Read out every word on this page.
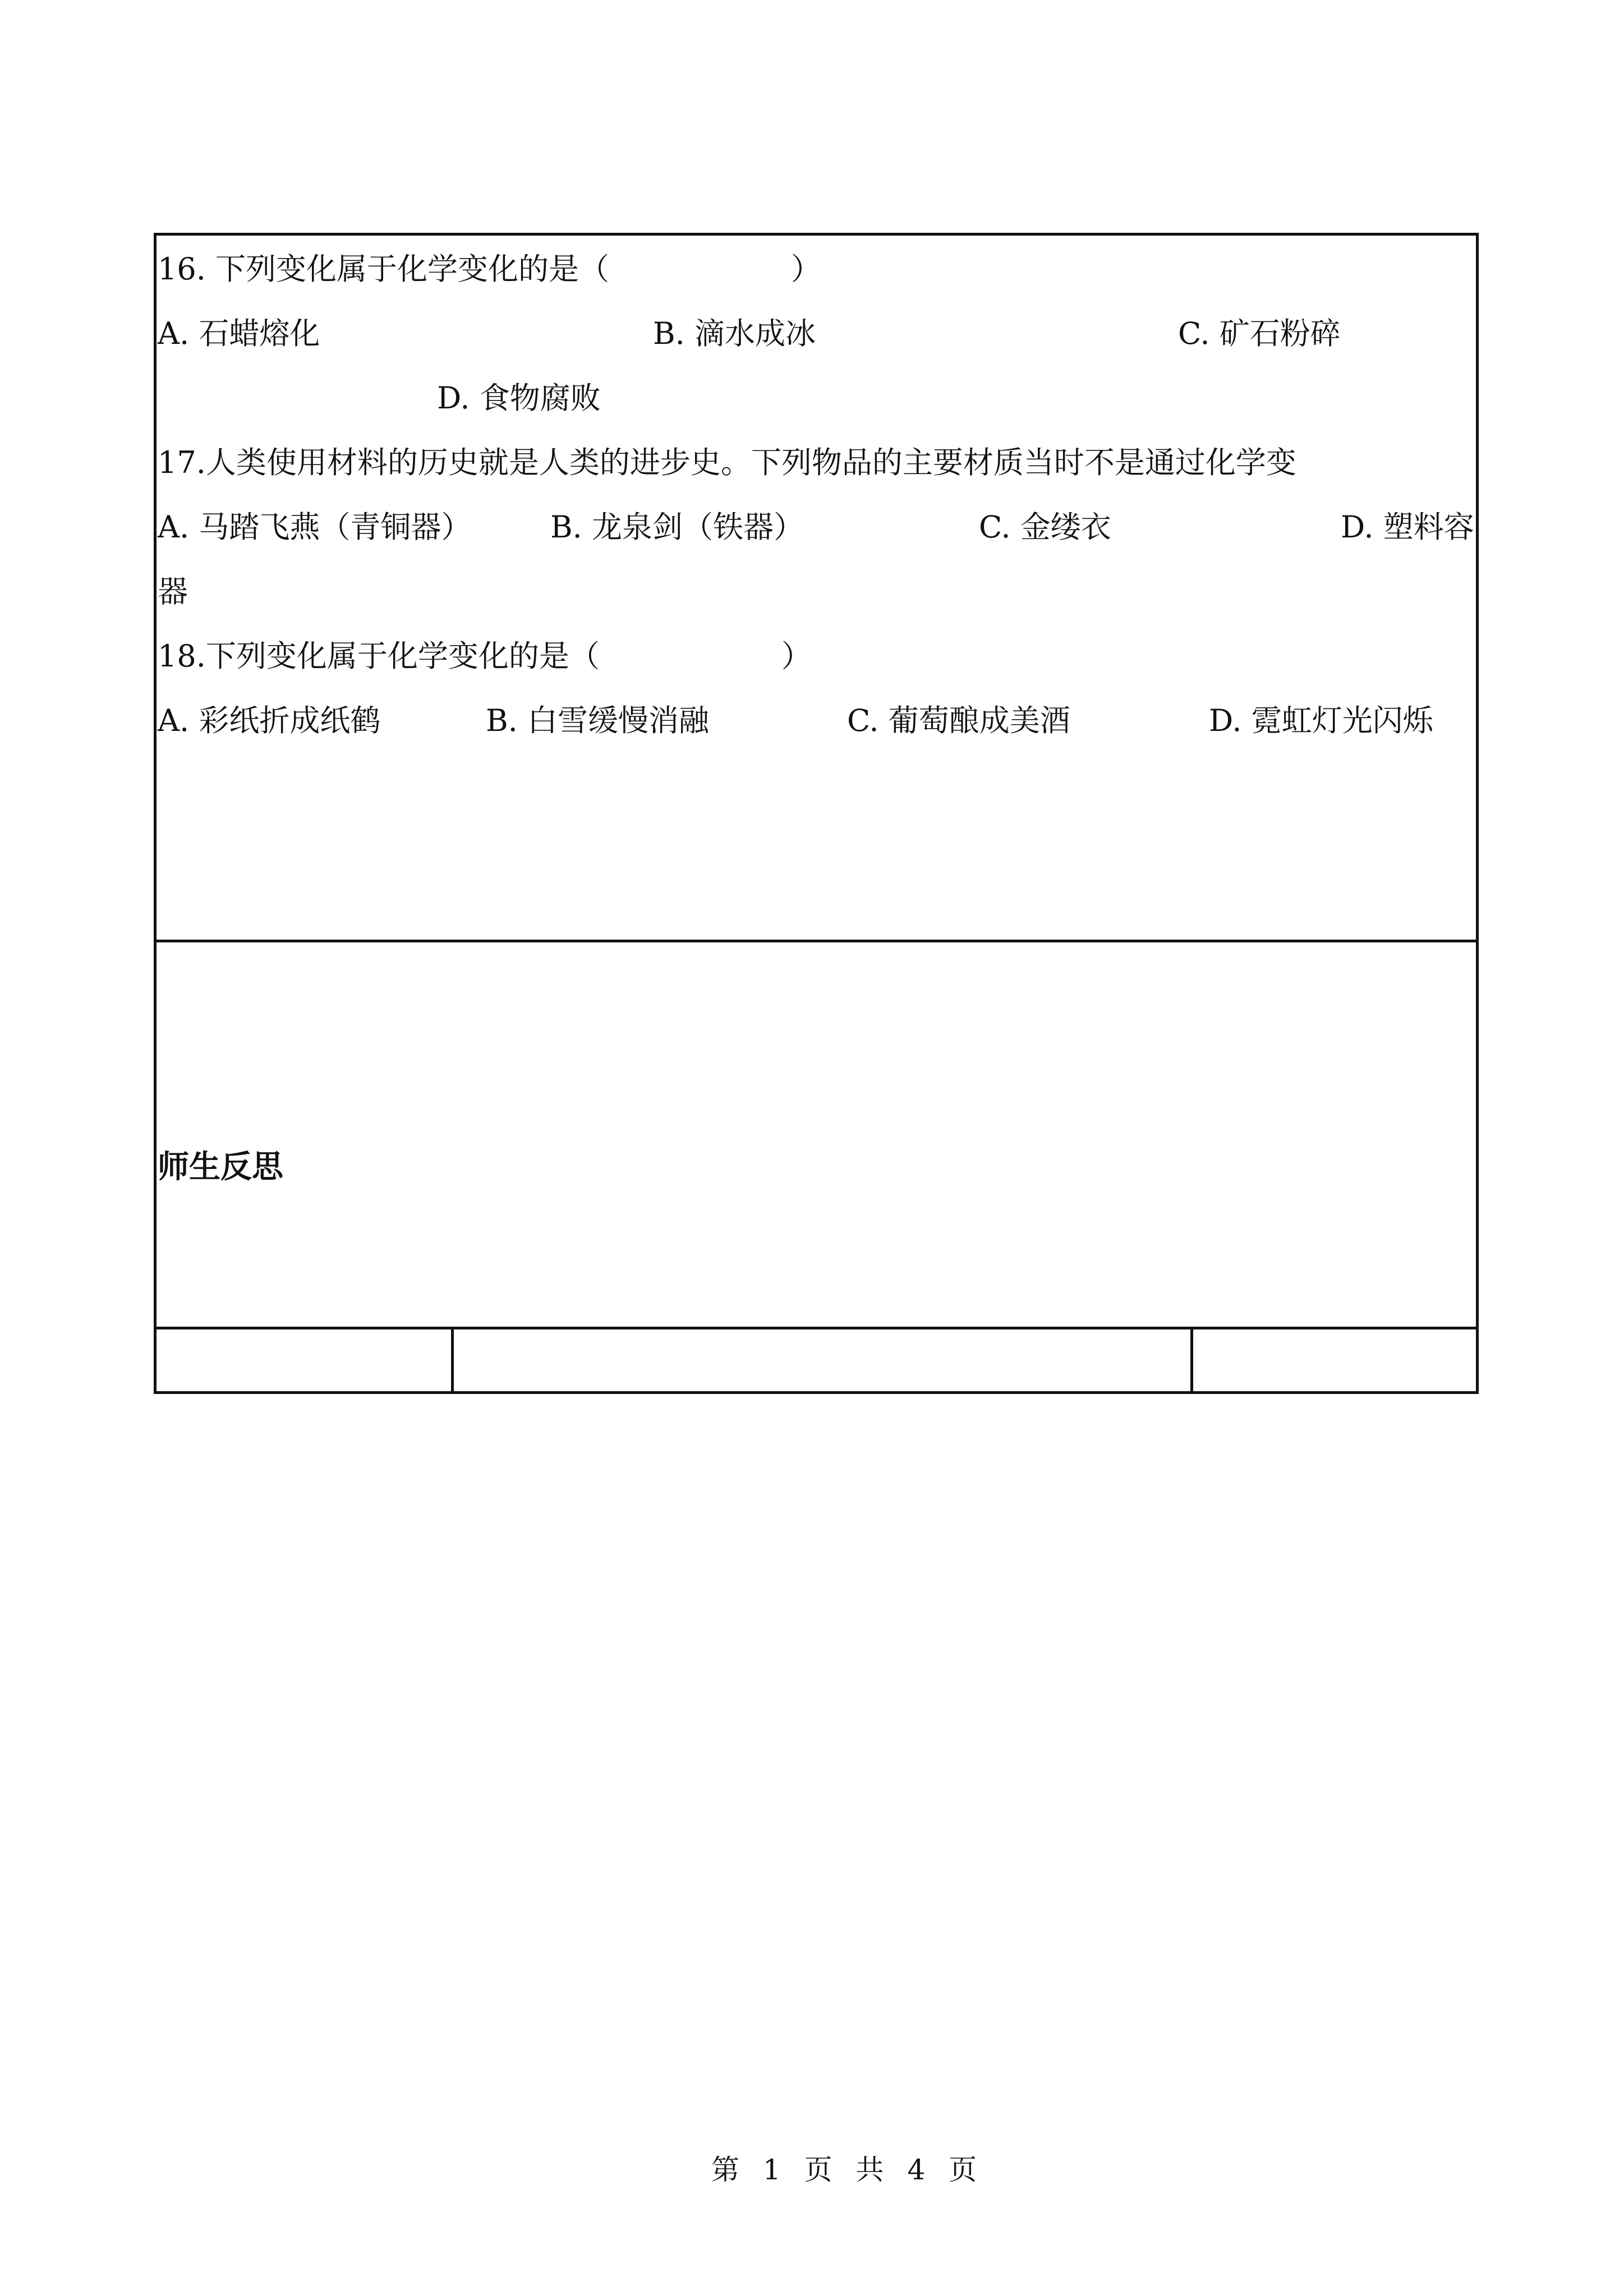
16. 下列变化属于化学变化的是（　　　　　　）
A. 石蜡熔化	B. 滴水成冰	C. 矿石粉碎
D. 食物腐败
17.人类使用材料的历史就是人类的进步史。下列物品的主要材质当时不是通过化学变
A. 马踏飞燕（青铜器）	B. 龙泉剑（铁器）	C. 金缕衣	D. 塑料容
器
18.下列变化属于化学变化的是（　　　　　　）
A. 彩纸折成纸鹤	B. 白雪缓慢消融	C. 葡萄酿成美酒	D. 霓虹灯光闪烁
师生反思
第 1 页 共 4 页
